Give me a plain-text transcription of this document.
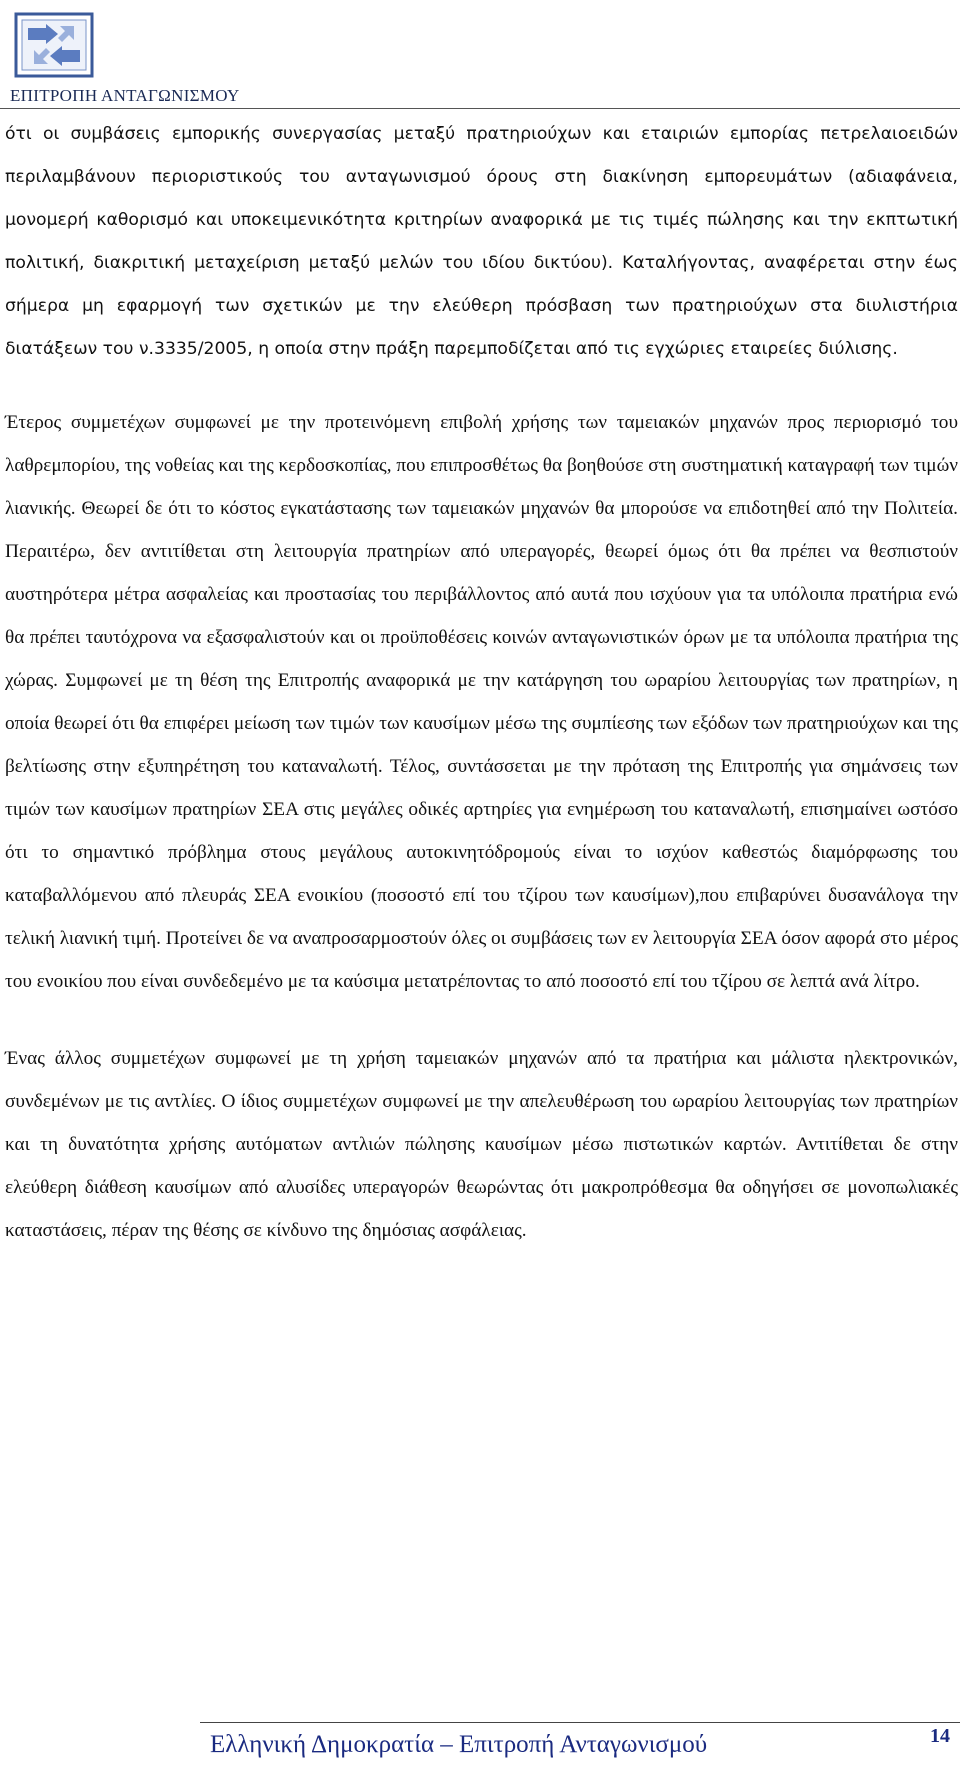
ΕΠΙΤΡΟΠΗ ΑΝΤΑΓΩΝΙΣΜΟΥ

ότι οι συμβάσεις εμπορικής συνεργασίας μεταξύ πρατηριούχων και εταιριών εμπορίας πετρελαιοειδών περιλαμβάνουν περιοριστικούς του ανταγωνισμού όρους στη διακίνηση εμπορευμάτων (αδιαφάνεια, μονομερή καθορισμό και υποκειμενικότητα κριτηρίων αναφορικά με τις τιμές πώλησης και την εκπτωτική πολιτική, διακριτική μεταχείριση μεταξύ μελών του ιδίου δικτύου). Καταλήγοντας, αναφέρεται στην έως σήμερα μη εφαρμογή των σχετικών με την ελεύθερη πρόσβαση των πρατηριούχων στα διυλιστήρια διατάξεων του ν.3335/2005, η οποία στην πράξη παρεμποδίζεται από τις εγχώριες εταιρείες διύλισης.

Έτερος συμμετέχων συμφωνεί με την προτεινόμενη επιβολή χρήσης των ταμειακών μηχανών προς περιορισμό του λαθρεμπορίου, της νοθείας και της κερδοσκοπίας, που επιπροσθέτως θα βοηθούσε στη συστηματική καταγραφή των τιμών λιανικής. Θεωρεί δε ότι το κόστος εγκατάστασης των ταμειακών μηχανών θα μπορούσε να επιδοτηθεί από την Πολιτεία. Περαιτέρω, δεν αντιτίθεται στη λειτουργία πρατηρίων από υπεραγορές, θεωρεί όμως ότι θα πρέπει να θεσπιστούν αυστηρότερα μέτρα ασφαλείας και προστασίας του περιβάλλοντος από αυτά που ισχύουν για τα υπόλοιπα πρατήρια ενώ θα πρέπει ταυτόχρονα να εξασφαλιστούν και οι προϋποθέσεις κοινών ανταγωνιστικών όρων με τα υπόλοιπα πρατήρια της χώρας. Συμφωνεί με τη θέση της Επιτροπής αναφορικά με την κατάργηση του ωραρίου λειτουργίας των πρατηρίων, η οποία θεωρεί ότι θα επιφέρει μείωση των τιμών των καυσίμων μέσω της συμπίεσης των εξόδων των πρατηριούχων και της βελτίωσης στην εξυπηρέτηση του καταναλωτή. Τέλος, συντάσσεται με την πρόταση της Επιτροπής για σημάνσεις των τιμών των καυσίμων πρατηρίων ΣΕΑ στις μεγάλες οδικές αρτηρίες για ενημέρωση του καταναλωτή, επισημαίνει ωστόσο ότι το σημαντικό πρόβλημα στους μεγάλους αυτοκινητόδρομούς είναι το ισχύον καθεστώς διαμόρφωσης του καταβαλλόμενου από πλευράς ΣΕΑ ενοικίου (ποσοστό επί του τζίρου των καυσίμων),που επιβαρύνει δυσανάλογα την τελική λιανική τιμή. Προτείνει δε να αναπροσαρμοστούν όλες οι συμβάσεις των εν λειτουργία ΣΕΑ όσον αφορά στο μέρος του ενοικίου που είναι συνδεδεμένο με τα καύσιμα μετατρέποντας το από ποσοστό επί του τζίρου σε λεπτά ανά λίτρο.

Ένας άλλος συμμετέχων συμφωνεί με τη χρήση ταμειακών μηχανών από τα πρατήρια και μάλιστα ηλεκτρονικών, συνδεμένων με τις αντλίες. Ο ίδιος συμμετέχων συμφωνεί με την απελευθέρωση του ωραρίου λειτουργίας των πρατηρίων και τη δυνατότητα χρήσης αυτόματων αντλιών πώλησης καυσίμων μέσω πιστωτικών καρτών. Αντιτίθεται δε στην ελεύθερη διάθεση καυσίμων από αλυσίδες υπεραγορών θεωρώντας ότι μακροπρόθεσμα θα οδηγήσει σε μονοπωλιακές καταστάσεις, πέραν της θέσης σε κίνδυνο της δημόσιας ασφάλειας.

Ελληνική Δημοκρατία – Επιτροπή Ανταγωνισμού	14
